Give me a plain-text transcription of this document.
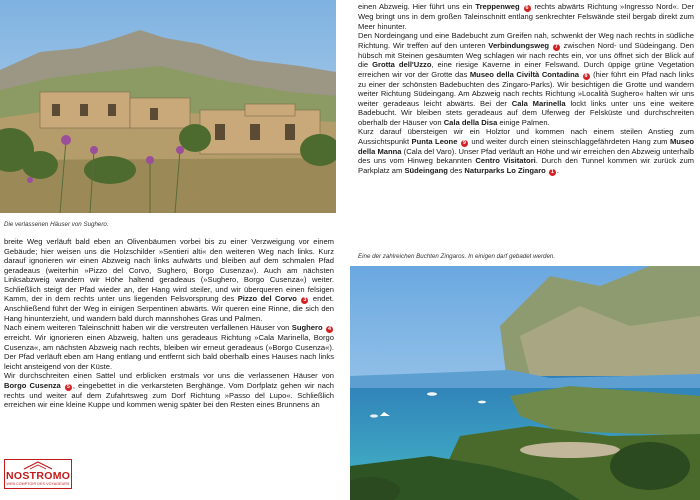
Die verlassenen Häuser von Sughero.

breite Weg verläuft bald eben an Olivenbäumen vorbei bis zu einer Verzweigung vor einem Gebäude; hier weisen uns die Holzschilder »Sentieri alti« den weiteren Weg nach links. Kurz darauf ignorieren wir einen Abzweig nach links aufwärts und bleiben auf dem schmalen Pfad geradeaus (weiterhin »Pizzo del Corvo, Sughero, Borgo Cusenza«). Auch am nächsten Linksabzweig wandern wir Höhe haltend geradeaus (»Sughero, Borgo Cusenza«) weiter. Schließlich steigt der Pfad wieder an, der Hang wird steiler, und wir überqueren einen felsigen Kamm, der in dem rechts unter uns liegenden Felsvorsprung des Pizzo del Corvo 3 endet. Anschließend führt der Weg in einigen Serpentinen abwärts. Wir queren eine Rinne, die sich den Hang hinunterzieht, und wandern bald durch mannshohes Gras und Palmen.

Nach einem weiteren Taleinschnitt haben wir die verstreuten verfallenen Häuser von Sughero 4 erreicht. Wir ignorieren einen Abzweig, halten uns geradeaus Richtung »Cala Marinella, Borgo Cusenza«, am nächsten Abzweig nach rechts, bleiben wir erneut geradeaus (»Borgo Cusenza«). Der Pfad verläuft eben am Hang entlang und entfernt sich bald oberhalb eines Hauses nach links leicht ansteigend von der Küste.

Wir durchschreiten einen Sattel und erblicken erstmals vor uns die verlassenen Häuser von Borgo Cusenza 5 , eingebettet in die verkarsteten Berghänge. Vom Dorfplatz gehen wir nach rechts und weiter auf dem Zufahrtsweg zum Dorf Richtung »Passo del Lupo«. Schließlich erreichen wir eine kleine Kuppe und kommen wenig später bei den Resten eines Brunnens an

NOSTROMO
WEB COMPTOIR DES VOYAGEURS

einen Abzweig. Hier führt uns ein Treppenweg 6 rechts abwärts Richtung »Ingresso Nord«. Der Weg bringt uns in dem großen Taleinschnitt entlang senkrechter Felswände steil bergab direkt zum Meer hinunter.

Den Nordeingang und eine Badebucht zum Greifen nah, schwenkt der Weg nach rechts in südliche Richtung. Wir treffen auf den unteren Verbindungsweg 7 zwischen Nord- und Südeingang. Den hübsch mit Steinen gesäumten Weg schlagen wir nach rechts ein, vor uns öffnet sich der Blick auf die Grotta dell'Uzzo, eine riesige Kaverne in einer Felswand. Durch üppige grüne Vegetation erreichen wir vor der Grotte das Museo della Civiltà Contadina 8 (hier führt ein Pfad nach links zu einer der schönsten Badebuchten des Zingaro-Parks). Wir besichtigen die Grotte und wandern weiter Richtung Südeingang. Am Abzweig nach rechts Richtung »Località Sughero« halten wir uns weiter geradeaus leicht abwärts. Bei der Cala Marinella lockt links unter uns eine weitere Badebucht. Wir bleiben stets geradeaus auf dem Uferweg der Felsküste und durchschreiten oberhalb der Häuser von Cala della Disa einige Palmen.

Kurz darauf übersteigen wir ein Holztor und kommen nach einem steilen Anstieg zum Aussichtspunkt Punta Leone 9 und weiter durch einen steinschlaggefährdeten Hang zum Museo della Manna (Cala del Varo). Unser Pfad verläuft an Höhe und wir erreichen den Abzweig unterhalb des uns vom Hinweg bekannten Centro Visitatori. Durch den Tunnel kommen wir zurück zum Parkplatz am Südeingang des Naturparks Lo Zingaro 1 .

Eine der zahlreichen Buchten Zingaros. In einigen darf gebadet werden.
